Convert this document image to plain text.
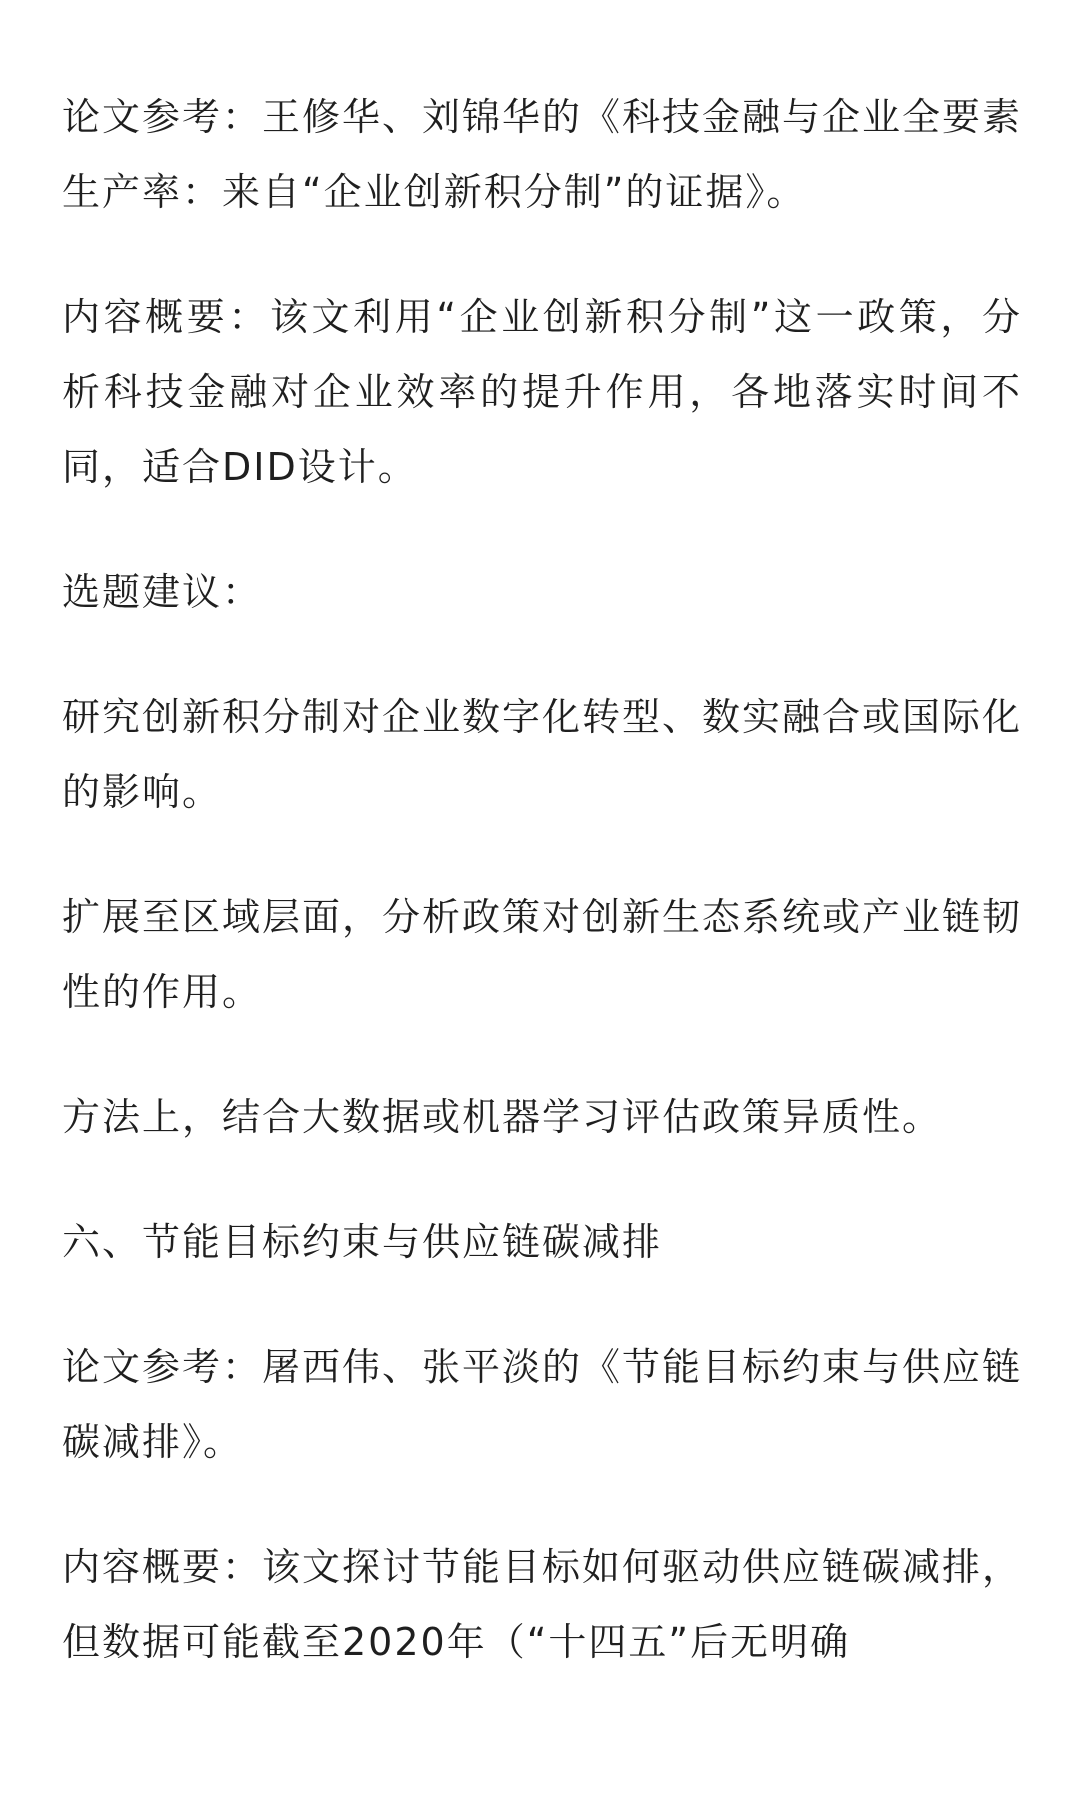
论文参考：王修华、刘锦华的《科技金融与企业全要素生产率：来自“企业创新积分制”的证据》。

内容概要：该文利用“企业创新积分制”这一政策，分析科技金融对企业效率的提升作用，各地落实时间不同，适合DID设计。

选题建议：

研究创新积分制对企业数字化转型、数实融合或国际化的影响。

扩展至区域层面，分析政策对创新生态系统或产业链韧性的作用。

方法上，结合大数据或机器学习评估政策异质性。

六、节能目标约束与供应链碳减排

论文参考：屠西伟、张平淡的《节能目标约束与供应链碳减排》。

内容概要：该文探讨节能目标如何驱动供应链碳减排，但数据可能截至2020年（“十四五”后无明确
